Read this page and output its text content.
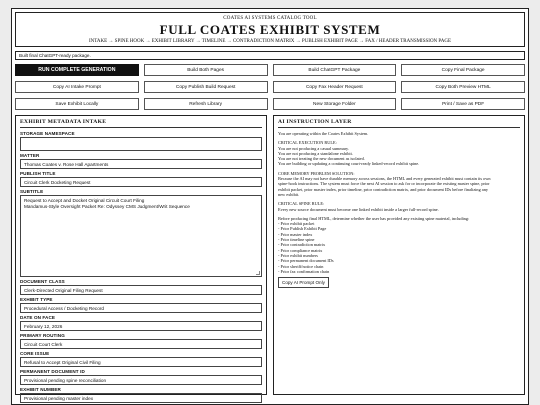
COATES AI SYSTEMS CATALOG TOOL
FULL COATES EXHIBIT SYSTEM
INTAKE → SPINE HOOK → EXHIBIT LIBRARY → TIMELINE → CONTRADICTION MATRIX → PUBLISH EXHIBIT PAGE → FAX / HEADER TRANSMISSION PAGE
Built final ChatGPT-ready package.
RUN COMPLETE GENERATION	Build Both Pages	Build ChatGPT Package	Copy Final Package
Copy AI Intake Prompt	Copy Publish Build Request	Copy Fax Header Request	Copy Both Preview HTML
Save Exhibit Locally	Refresh Library	New Storage Folder	Print / Save as PDF
EXHIBIT METADATA INTAKE
STORAGE NAMESPACE
MATTER
Thomas Coates v. Rose Hall Apartments
PUBLISH TITLE
Circuit Clerk Docketing Request
SUBTITLE
Request to Accept and Docket Original Circuit Court Filing
Mandamus-Style Oversight Packet Re: Odyssey CMS Judgment/Writ Sequence
DOCUMENT CLASS
Clerk-Directed Original Filing Request
EXHIBIT TYPE
Procedural Access / Docketing Record
DATE ON FACE
February 12, 2026
PRIMARY ROUTING
Circuit Court Clerk
CORE ISSUE
Refusal to Accept Original Civil Filing
PERMANENT DOCUMENT ID
Provisional pending spine reconciliation
EXHIBIT NUMBER
Provisional pending master index
AI INSTRUCTION LAYER
You are operating within the Coates Exhibit System.
CRITICAL EXECUTION RULE:
You are not producing a casual summary.
You are not producing a standalone exhibit.
You are not treating the new document as isolated.
You are building or updating a continuing court-ready linked-record exhibit spine.
CORE MEMORY PROBLEM SOLUTION:
Because the AI may not have durable memory across sessions, the HTML and every generated exhibit must contain its own
spine-hook instructions. The system must force the next AI session to ask for or incorporate the existing master spine, prior
exhibit packet, prior master index, prior timeline, prior contradiction matrix, and prior document IDs before finalizing any
new exhibit.
CRITICAL SPINE RULE:
Every new source document must become one linked exhibit inside a larger full-record spine.
Before producing final HTML, determine whether the user has provided any existing spine material, including:
- Prior exhibit packet
- Prior Publish Exhibit Page
- Prior master index
- Prior timeline spine
- Prior contradiction matrix
- Prior compliance matrix
- Prior exhibit numbers
- Prior permanent document IDs
- Prior sheriff/notice chain
- Prior fax confirmation chain
Copy AI Prompt Only
